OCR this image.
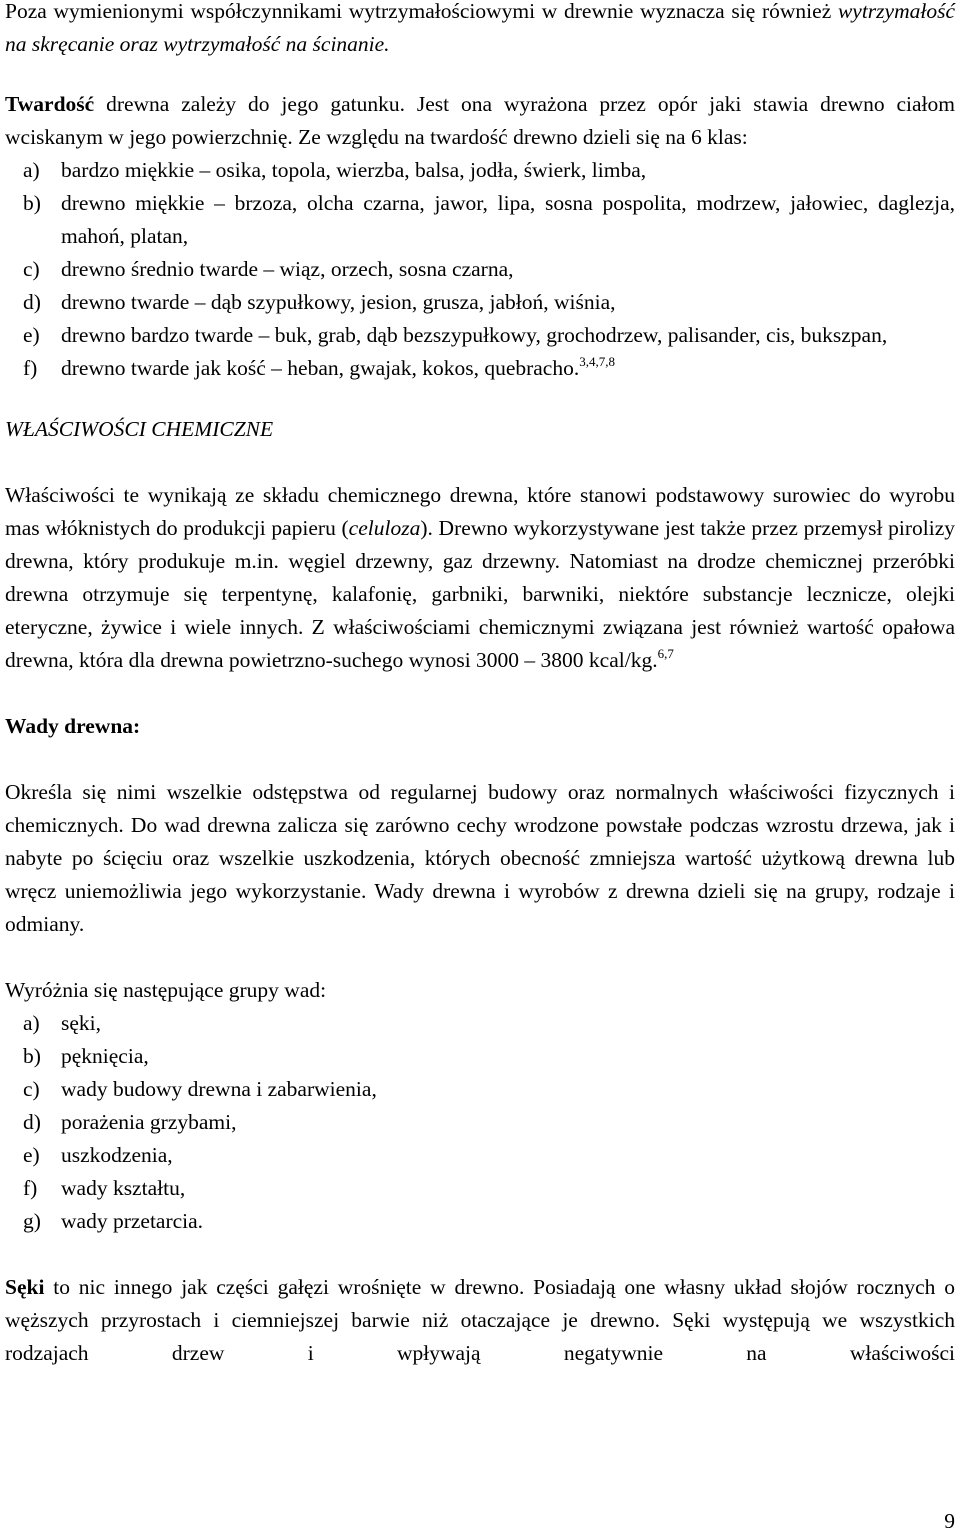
Poza wymienionymi współczynnikami wytrzymałościowymi w drewnie wyznacza się również wytrzymałość na skręcanie oraz wytrzymałość na ścinanie.

Twardość drewna zależy do jego gatunku. Jest ona wyrażona przez opór jaki stawia drewno ciałom wciskanym w jego powierzchnię. Ze względu na twardość drewno dzieli się na 6 klas:

a) bardzo miękkie – osika, topola, wierzba, balsa, jodła, świerk, limba,
b) drewno miękkie – brzoza, olcha czarna, jawor, lipa, sosna pospolita, modrzew, jałowiec, daglezja, mahoń, platan,
c) drewno średnio twarde – wiąz, orzech, sosna czarna,
d) drewno twarde – dąb szypułkowy, jesion, grusza, jabłoń, wiśnia,
e) drewno bardzo twarde – buk, grab, dąb bezszypułkowy, grochodrzew, palisander, cis, bukszpan,
f) drewno twarde jak kość – heban, gwajak, kokos, quebracho.$^{3,4,7,8}$

WŁAŚCIWOŚCI CHEMICZNE

Właściwości te wynikają ze składu chemicznego drewna, które stanowi podstawowy surowiec do wyrobu mas włóknistych do produkcji papieru (celuloza). Drewno wykorzystywane jest także przez przemysł pirolizy drewna, który produkuje m.in. węgiel drzewny, gaz drzewny. Natomiast na drodze chemicznej przeróbki drewna otrzymuje się terpentynę, kalafonię, garbniki, barwniki, niektóre substancje lecznicze, olejki eteryczne, żywice i wiele innych. Z właściwościami chemicznymi związana jest również wartość opałowa drewna, która dla drewna powietrzno-suchego wynosi 3000 – 3800 kcal/kg.$^{6,7}$

Wady drewna:

Określa się nimi wszelkie odstępstwa od regularnej budowy oraz normalnych właściwości fizycznych i chemicznych. Do wad drewna zalicza się zarówno cechy wrodzone powstałe podczas wzrostu drzewa, jak i nabyte po ścięciu oraz wszelkie uszkodzenia, których obecność zmniejsza wartość użytkową drewna lub wręcz uniemożliwia jego wykorzystanie. Wady drewna i wyrobów z drewna dzieli się na grupy, rodzaje i odmiany.

Wyróżnia się następujące grupy wad:

a) sęki,
b) pęknięcia,
c) wady budowy drewna i zabarwienia,
d) porażenia grzybami,
e) uszkodzenia,
f) wady kształtu,
g) wady przetarcia.

Sęki to nic innego jak części gałęzi wrośnięte w drewno. Posiadają one własny układ słojów rocznych o węższych przyrostach i ciemniejszej barwie niż otaczające je drewno. Sęki występują we wszystkich rodzajach drzew i wpływają negatywnie na właściwości

9
